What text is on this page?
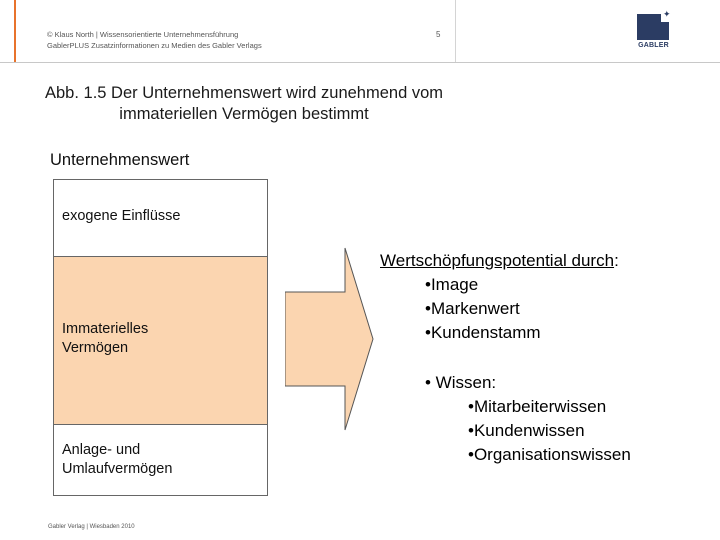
© Klaus North | Wissensorientierte Unternehmensführung
GablerPLUS Zusatzinformationen zu Medien des Gabler Verlags
5
✦
GABLER
Abb. 1.5 Der Unternehmenswert wird zunehmend vom
immateriellen Vermögen bestimmt
Unternehmenswert
exogene Einflüsse
Immaterielles
Vermögen
Anlage- und
Umlaufvermögen
Wertschöpfungspotential durch:
•Image
•Markenwert
•Kundenstamm
• Wissen:
•Mitarbeiterwissen
•Kundenwissen
•Organisationswissen
Gabler Verlag | Wiesbaden 2010
